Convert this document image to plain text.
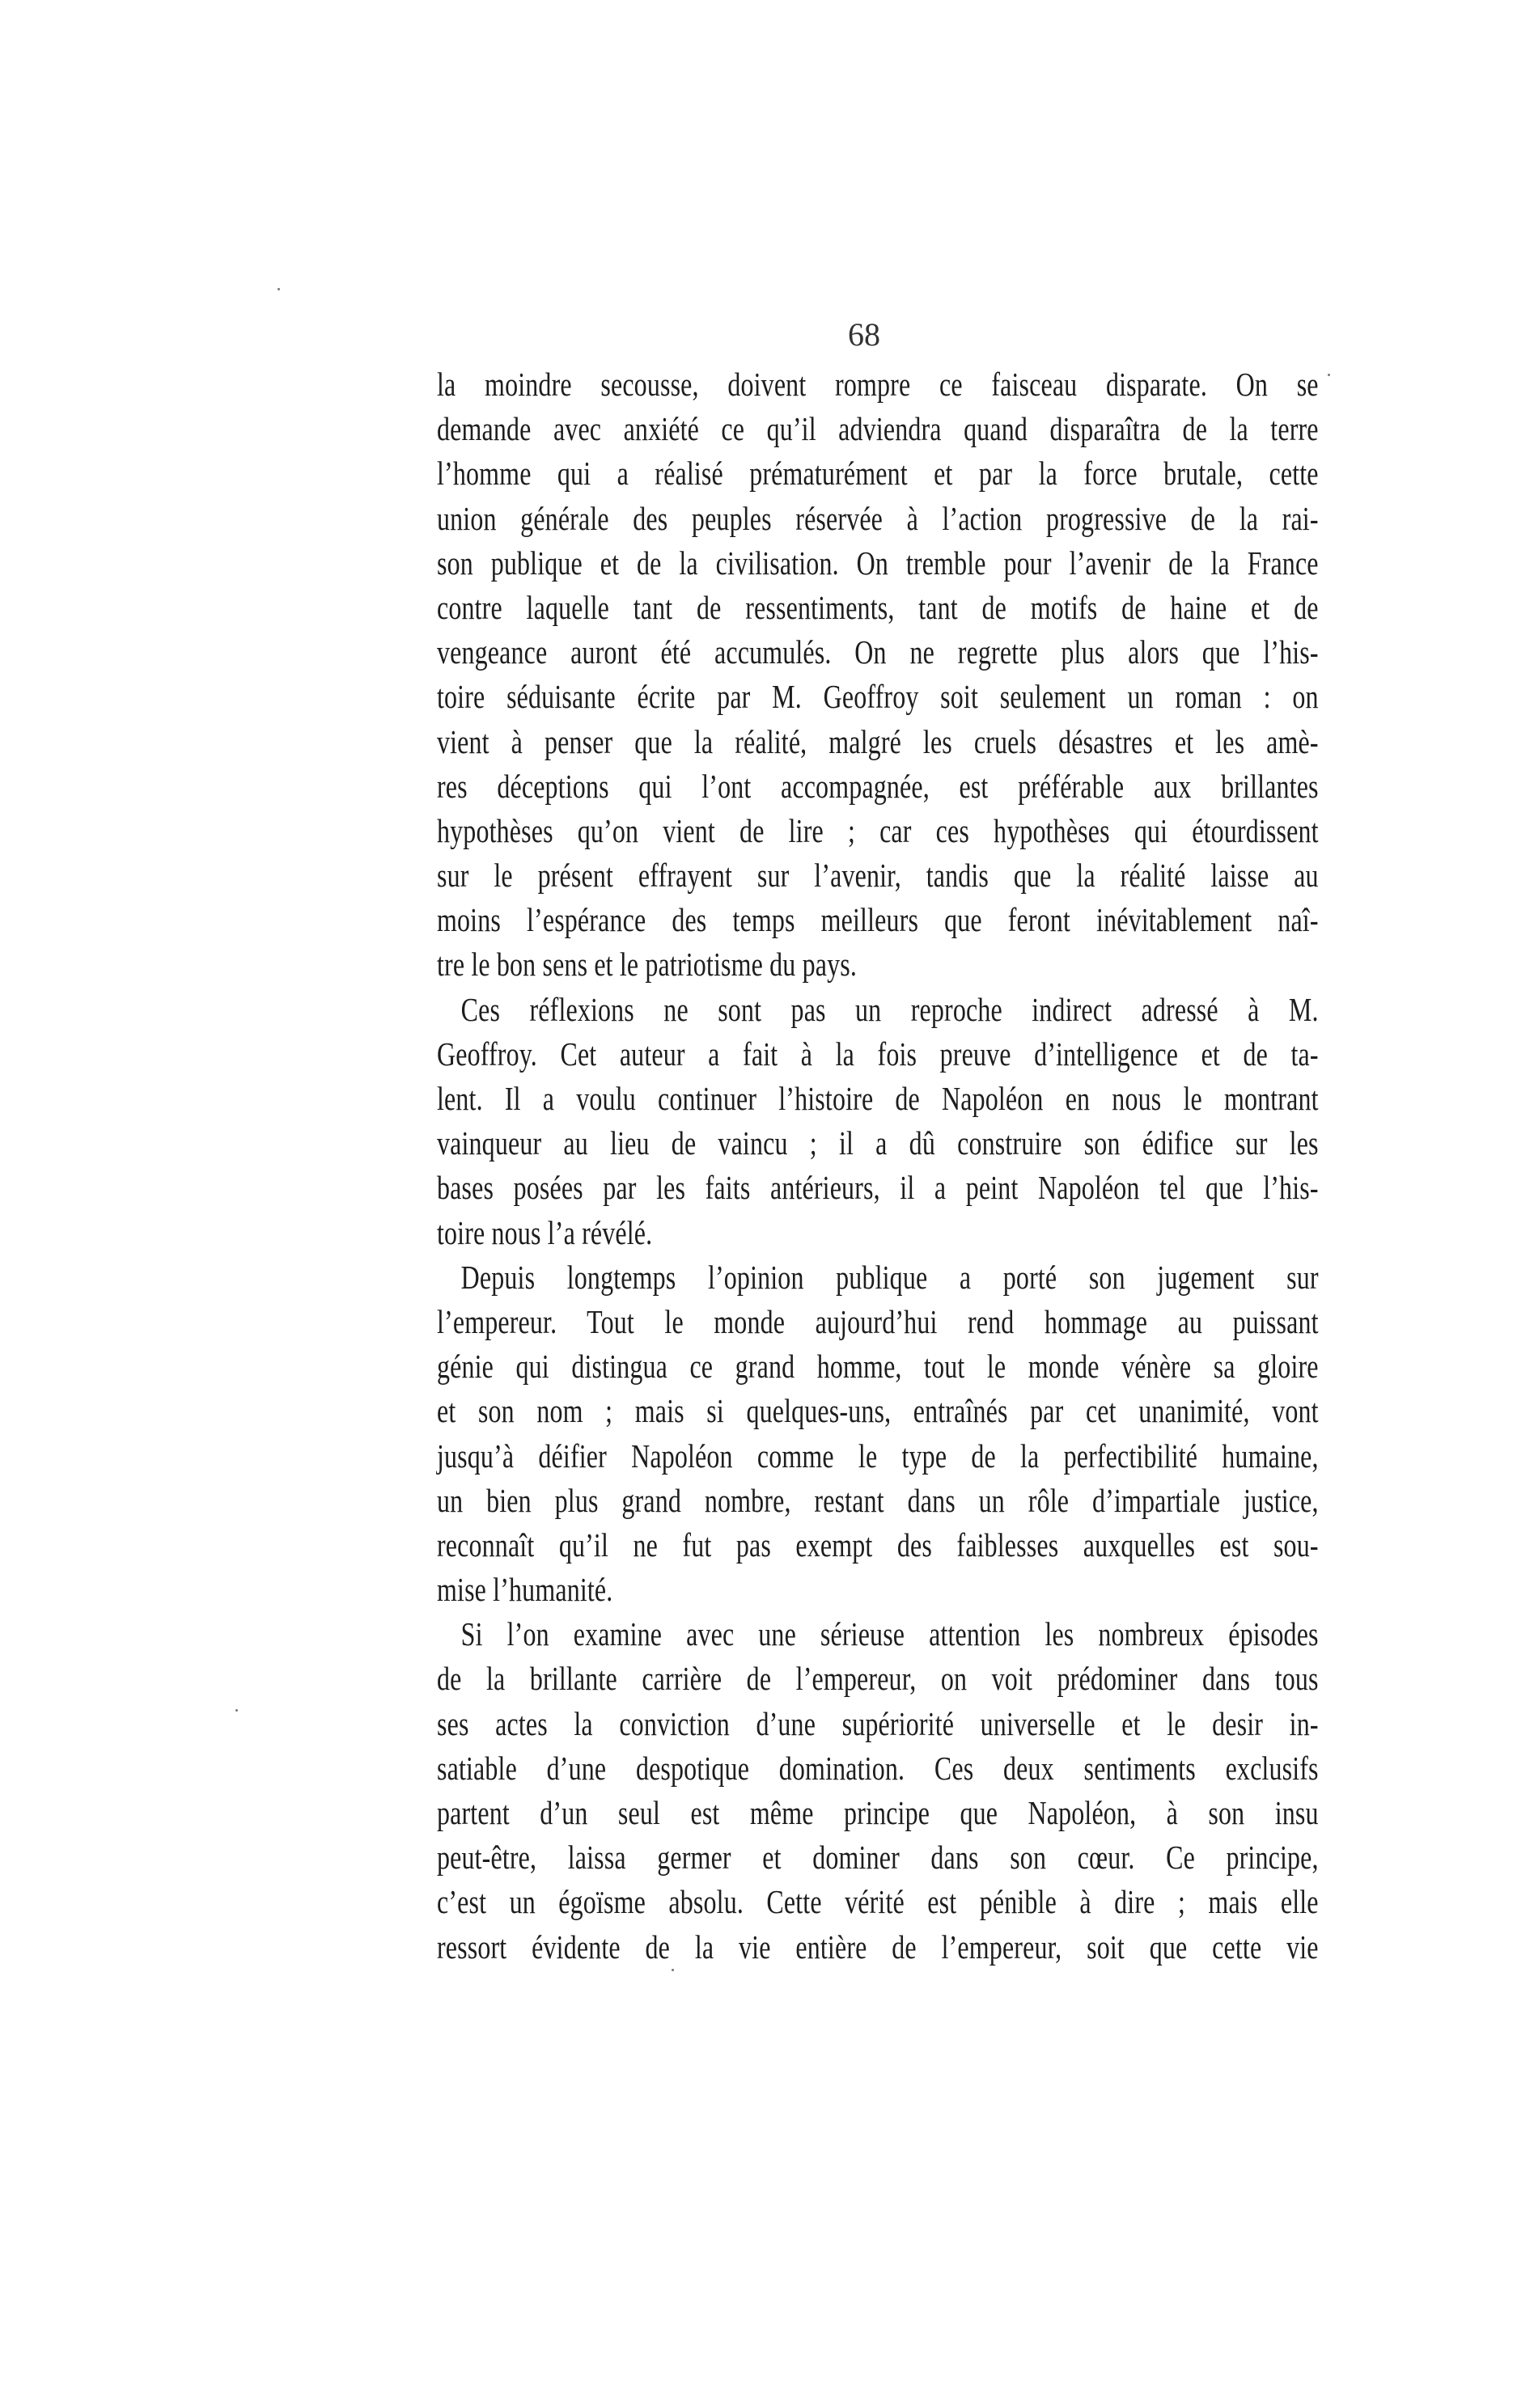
68
la moindre secousse, doivent rompre ce faisceau disparate. On se
demande avec anxiété ce qu’il adviendra quand disparaîtra de la terre
l’homme qui a réalisé prématurément et par la force brutale, cette
union générale des peuples réservée à l’action progressive de la rai-
son publique et de la civilisation. On tremble pour l’avenir de la France
contre laquelle tant de ressentiments, tant de motifs de haine et de
vengeance auront été accumulés. On ne regrette plus alors que l’his-
toire séduisante écrite par M. Geoffroy soit seulement un roman : on
vient à penser que la réalité, malgré les cruels désastres et les amè-
res déceptions qui l’ont accompagnée, est préférable aux brillantes
hypothèses qu’on vient de lire ; car ces hypothèses qui étourdissent
sur le présent effrayent sur l’avenir, tandis que la réalité laisse au
moins l’espérance des temps meilleurs que feront inévitablement naî-
tre le bon sens et le patriotisme du pays.
Ces réflexions ne sont pas un reproche indirect adressé à M.
Geoffroy. Cet auteur a fait à la fois preuve d’intelligence et de ta-
lent. Il a voulu continuer l’histoire de Napoléon en nous le montrant
vainqueur au lieu de vaincu ; il a dû construire son édifice sur les
bases posées par les faits antérieurs, il a peint Napoléon tel que l’his-
toire nous l’a révélé.
Depuis longtemps l’opinion publique a porté son jugement sur
l’empereur. Tout le monde aujourd’hui rend hommage au puissant
génie qui distingua ce grand homme, tout le monde vénère sa gloire
et son nom ; mais si quelques-uns, entraînés par cet unanimité, vont
jusqu’à déifier Napoléon comme le type de la perfectibilité humaine,
un bien plus grand nombre, restant dans un rôle d’impartiale justice,
reconnaît qu’il ne fut pas exempt des faiblesses auxquelles est sou-
mise l’humanité.
Si l’on examine avec une sérieuse attention les nombreux épisodes
de la brillante carrière de l’empereur, on voit prédominer dans tous
ses actes la conviction d’une supériorité universelle et le desir in-
satiable d’une despotique domination. Ces deux sentiments exclusifs
partent d’un seul est même principe que Napoléon, à son insu
peut-être, laissa germer et dominer dans son cœur. Ce principe,
c’est un égoïsme absolu. Cette vérité est pénible à dire ; mais elle
ressort évidente de la vie entière de l’empereur, soit que cette vie
